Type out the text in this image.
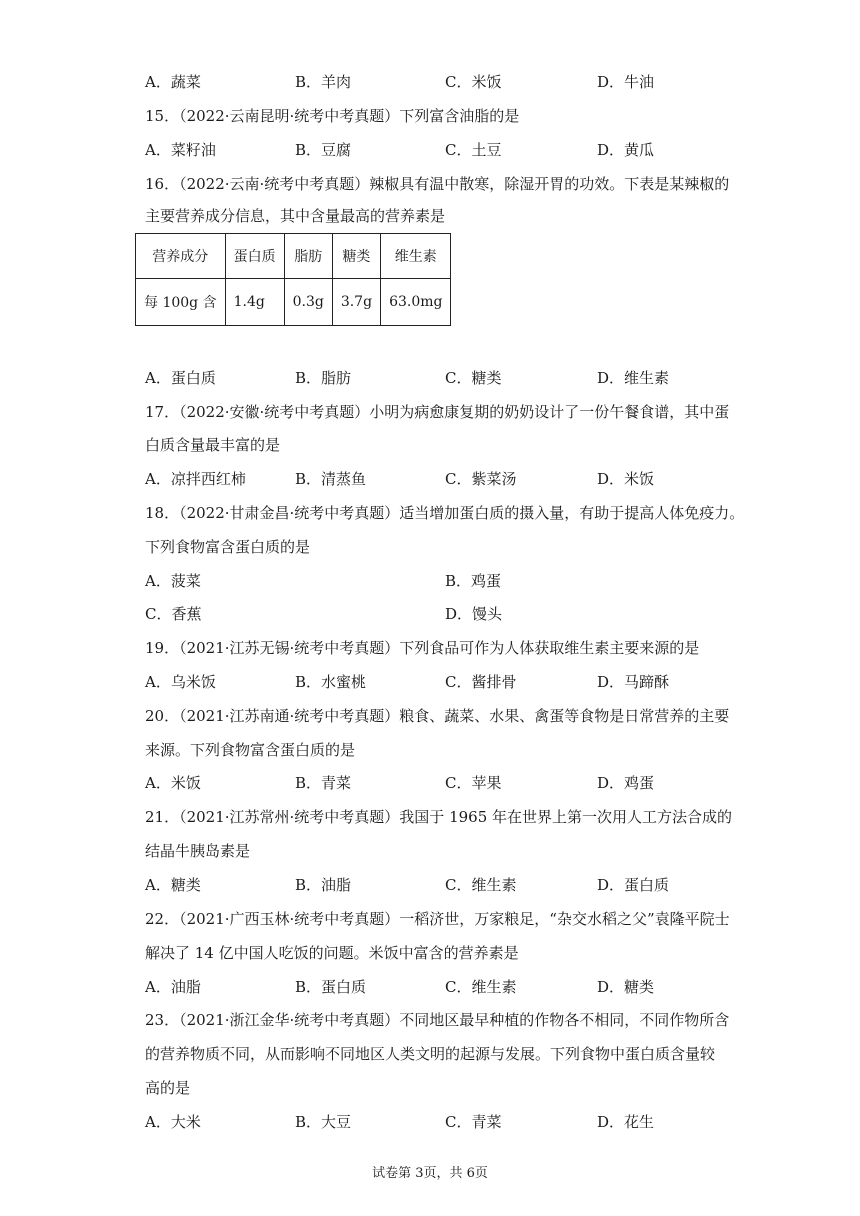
A．蔬菜	B．羊肉	C．米饭	D．牛油
15．（2022·云南昆明·统考中考真题）下列富含油脂的是
A．菜籽油	B．豆腐	C．土豆	D．黄瓜
16．（2022·云南·统考中考真题）辣椒具有温中散寒，除湿开胃的功效。下表是某辣椒的
主要营养成分信息，其中含量最高的营养素是
营养成分	蛋白质	脂肪	糖类	维生素
每 100g 含	1.4g	0.3g	3.7g	63.0mg
A．蛋白质	B．脂肪	C．糖类	D．维生素
17．（2022·安徽·统考中考真题）小明为病愈康复期的奶奶设计了一份午餐食谱，其中蛋
白质含量最丰富的是
A．凉拌西红柿	B．清蒸鱼	C．紫菜汤	D．米饭
18．（2022·甘肃金昌·统考中考真题）适当增加蛋白质的摄入量，有助于提高人体免疫力。
下列食物富含蛋白质的是
A．菠菜	B．鸡蛋
C．香蕉	D．馒头
19．（2021·江苏无锡·统考中考真题）下列食品可作为人体获取维生素主要来源的是
A．乌米饭	B．水蜜桃	C．酱排骨	D．马蹄酥
20．（2021·江苏南通·统考中考真题）粮食、蔬菜、水果、禽蛋等食物是日常营养的主要
来源。下列食物富含蛋白质的是
A．米饭	B．青菜	C．苹果	D．鸡蛋
21．（2021·江苏常州·统考中考真题）我国于 1965 年在世界上第一次用人工方法合成的
结晶牛胰岛素是
A．糖类	B．油脂	C．维生素	D．蛋白质
22．（2021·广西玉林·统考中考真题）一稻济世，万家粮足，“杂交水稻之父”袁隆平院士
解决了 14 亿中国人吃饭的问题。米饭中富含的营养素是
A．油脂	B．蛋白质	C．维生素	D．糖类
23．（2021·浙江金华·统考中考真题）不同地区最早种植的作物各不相同，不同作物所含
的营养物质不同，从而影响不同地区人类文明的起源与发展。下列食物中蛋白质含量较
高的是
A．大米	B．大豆	C．青菜	D．花生
试卷第 3页，共 6页
